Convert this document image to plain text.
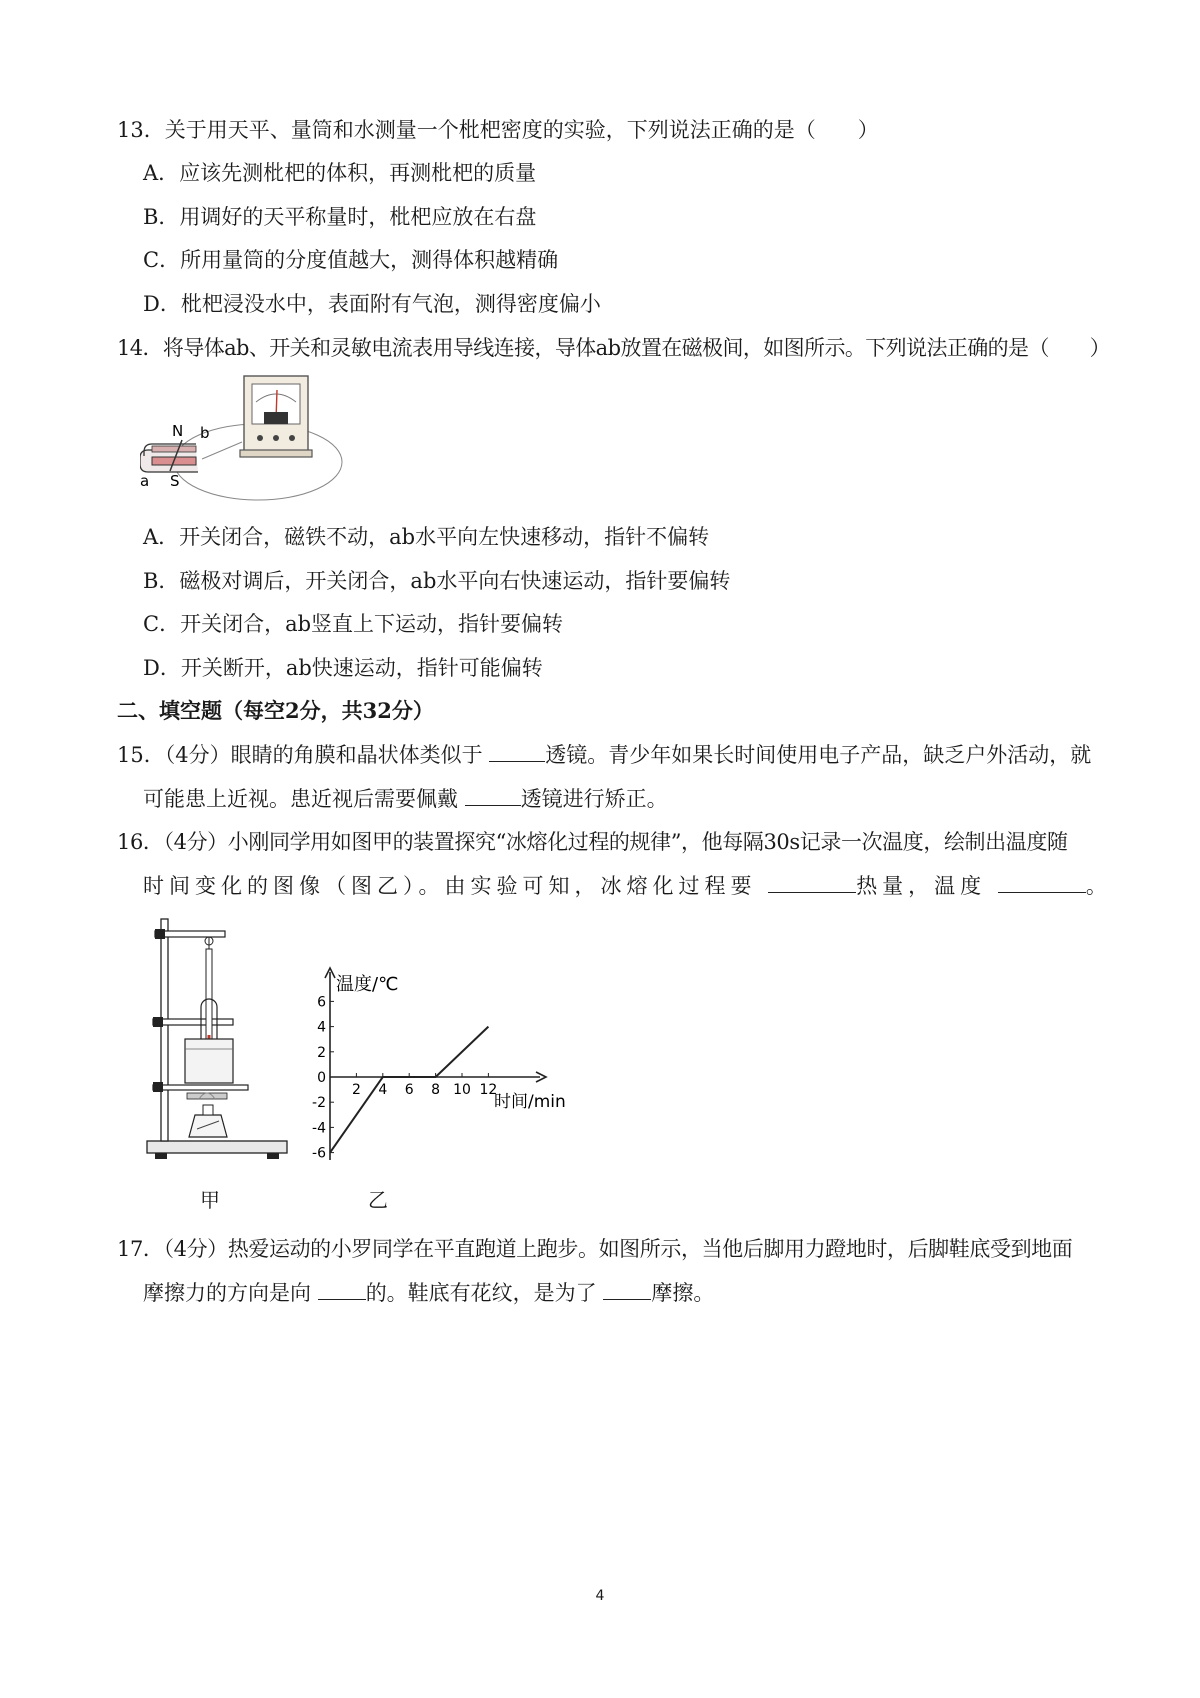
13．关于用天平、量筒和水测量一个枇杷密度的实验，下列说法正确的是（　　）
A．应该先测枇杷的体积，再测枇杷的质量
B．用调好的天平称量时，枇杷应放在右盘
C．所用量筒的分度值越大，测得体积越精确
D．枇杷浸没水中，表面附有气泡，测得密度偏小
14．将导体ab、开关和灵敏电流表用导线连接，导体ab放置在磁极间，如图所示。下列说法正确的是（　　）
N b
a S
A．开关闭合，磁铁不动，ab水平向左快速移动，指针不偏转
B．磁极对调后，开关闭合，ab水平向右快速运动，指针要偏转
C．开关闭合，ab竖直上下运动，指针要偏转
D．开关断开，ab快速运动，指针可能偏转
二、填空题（每空2分，共32分）
15．（4分）眼睛的角膜和晶状体类似于	透镜。青少年如果长时间使用电子产品，缺乏户外活动，就
可能患上近视。患近视后需要佩戴	透镜进行矫正。
16．（4分）小刚同学用如图甲的装置探究“冰熔化过程的规律”，他每隔30s记录一次温度，绘制出温度随
时间变化的图像（图乙）。由实验可知，冰熔化过程要	热量，温度	。
甲
温度/℃
时间/min
2 4 6 8 10 12
6
4
2
0
-2
-4
-6
乙
17．（4分）热爱运动的小罗同学在平直跑道上跑步。如图所示，当他后脚用力蹬地时，后脚鞋底受到地面
摩擦力的方向是向 的。鞋底有花纹，是为了 摩擦。
4
